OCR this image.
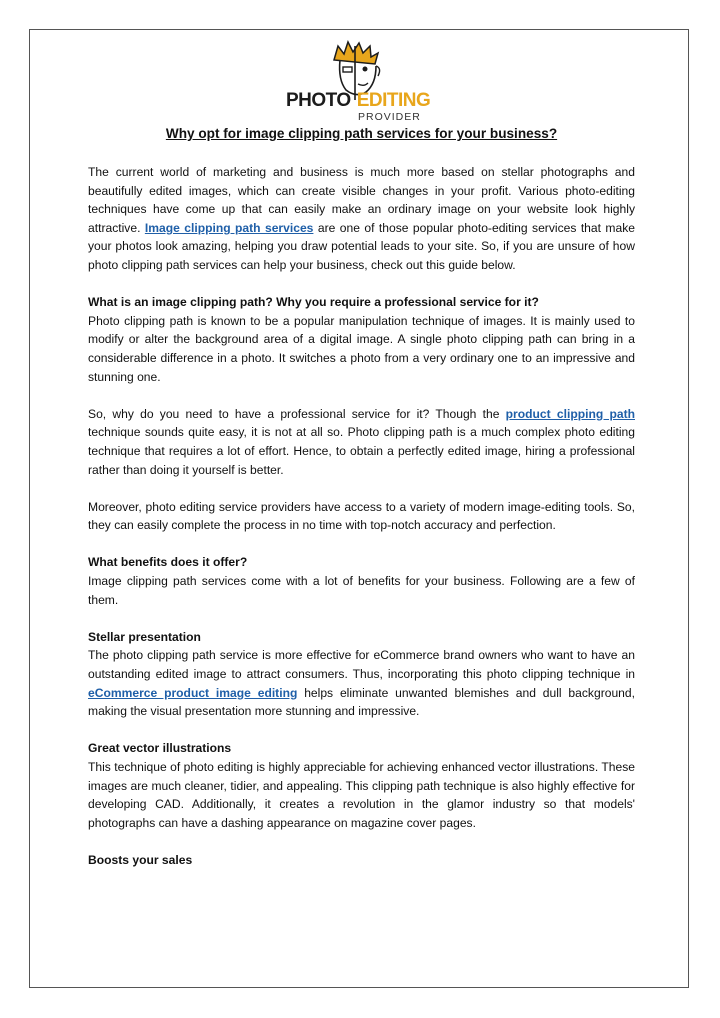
PHOTO EDITING
PROVIDER
Why opt for image clipping path services for your business?

The current world of marketing and business is much more based on stellar photographs and beautifully edited images, which can create visible changes in your profit. Various photo-editing techniques have come up that can easily make an ordinary image on your website look highly attractive. Image clipping path services are one of those popular photo-editing services that make your photos look amazing, helping you draw potential leads to your site. So, if you are unsure of how photo clipping path services can help your business, check out this guide below.

What is an image clipping path? Why you require a professional service for it?
Photo clipping path is known to be a popular manipulation technique of images. It is mainly used to modify or alter the background area of a digital image. A single photo clipping path can bring in a considerable difference in a photo. It switches a photo from a very ordinary one to an impressive and stunning one.

So, why do you need to have a professional service for it? Though the product clipping path technique sounds quite easy, it is not at all so. Photo clipping path is a much complex photo editing technique that requires a lot of effort. Hence, to obtain a perfectly edited image, hiring a professional rather than doing it yourself is better.

Moreover, photo editing service providers have access to a variety of modern image-editing tools. So, they can easily complete the process in no time with top-notch accuracy and perfection.

What benefits does it offer?
Image clipping path services come with a lot of benefits for your business. Following are a few of them.

Stellar presentation
The photo clipping path service is more effective for eCommerce brand owners who want to have an outstanding edited image to attract consumers. Thus, incorporating this photo clipping technique in eCommerce product image editing helps eliminate unwanted blemishes and dull background, making the visual presentation more stunning and impressive.

Great vector illustrations
This technique of photo editing is highly appreciable for achieving enhanced vector illustrations. These images are much cleaner, tidier, and appealing. This clipping path technique is also highly effective for developing CAD. Additionally, it creates a revolution in the glamor industry so that models' photographs can have a dashing appearance on magazine cover pages.

Boosts your sales
